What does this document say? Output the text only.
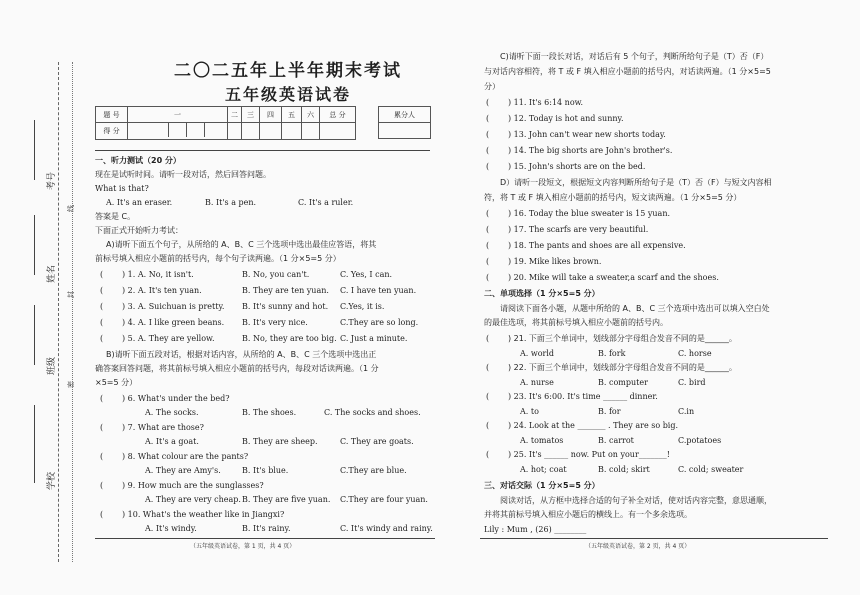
考号
姓名
班级
学校
线
封
密
二〇二五年上半年期末考试
五年级英语试卷
题 号	一	二	三	四	五	六	总 分
得 分							
累分人

一、听力测试（20 分）
现在是试听时间。请听一段对话，然后回答问题。
What is that?
A. It's an eraser.	B. It's a pen.	C. It's a ruler.
答案是 C。
下面正式开始听力考试：
A)请听下面五个句子，从所给的 A、B、C 三个选项中选出最佳应答语，将其
前标号填入相应小题前的括号内，每个句子读两遍。（1 分×5=5 分）
( ) 1. A. No, it isn't.	B. No, you can't.	C. Yes, I can.
( ) 2. A. It's ten yuan.	B. They are ten yuan. C. I have ten yuan.
( ) 3. A. Suichuan is pretty. B. It's sunny and hot. C.Yes, it is.
( ) 4. A. I like green beans. B. It's very nice.	C.They are so long.
( ) 5. A. They are yellow.	B. No, they are too big. C. Just a minute.
B)请听下面五段对话，根据对话内容，从所给的 A、B、C 三个选项中选出正
确答案回答问题，将其前标号填入相应小题前的括号内，每段对话读两遍。（1 分
×5=5 分）
( ) 6. What's under the bed?
A. The socks.	B. The shoes.	C. The socks and shoes.
( ) 7. What are those?
A. It's a goat.	B. They are sheep.	C. They are goats.
( ) 8. What colour are the pants?
A. They are Amy's.	B. It's blue.	C.They are blue.
( ) 9. How much are the sunglasses?
A. They are very cheap. B. They are five yuan. C.They are four yuan.
( ) 10. What's the weather like in Jiangxi?
A. It's windy.	B. It's rainy.	C. It's windy and rainy.
（五年级英语试卷，第 1 页，共 4 页）
C)请听下面一段长对话，对话后有 5 个句子，判断所给句子是（T）否（F）
与对话内容相符，将 T 或 F 填入相应小题前的括号内，对话读两遍。（1 分×5=5
分）
( ) 11. It's 6:14 now.
( ) 12. Today is hot and sunny.
( ) 13. John can't wear new shorts today.
( ) 14. The big shorts are John's brother's.
( ) 15. John's shorts are on the bed.
D）请听一段短文，根据短文内容判断所给句子是（T）否（F）与短文内容相
符，将 T 或 F 填入相应小题前的括号内，短文读两遍。（1 分×5=5 分）
( ) 16. Today the blue sweater is 15 yuan.
( ) 17. The scarfs are very beautiful.
( ) 18. The pants and shoes are all expensive.
( ) 19. Mike likes brown.
( ) 20. Mike will take a sweater,a scarf and the shoes.
二、单项选择（1 分×5=5 分）
请阅读下面各小题，从题中所给的 A、B、C 三个选项中选出可以填入空白处
的最佳选项，将其前标号填入相应小题前的括号内。
( ) 21. 下面三个单词中，划线部分字母组合发音不同的是______。
A. world	B. fork	C. horse
( ) 22. 下面三个单词中，划线部分字母组合发音不同的是______。
A. nurse	B. computer	C. bird
( ) 23. It's 6:00. It's time ______ dinner.
A. to	B. for	C.in
( ) 24. Look at the _______ . They are so big.
A. tomatos	B. carrot	C.potatoes
( ) 25. It's ______ now. Put on your_______!
A. hot; coat	B. cold; skirt	C. cold; sweater
三、对话交际（1 分×5=5 分）
阅读对话，从方框中选择合适的句子补全对话，使对话内容完整，意思通顺，
并将其前标号填入相应小题后的横线上。有一个多余选项。
Lily : Mum , (26) ________
（五年级英语试卷，第 2 页，共 4 页）
